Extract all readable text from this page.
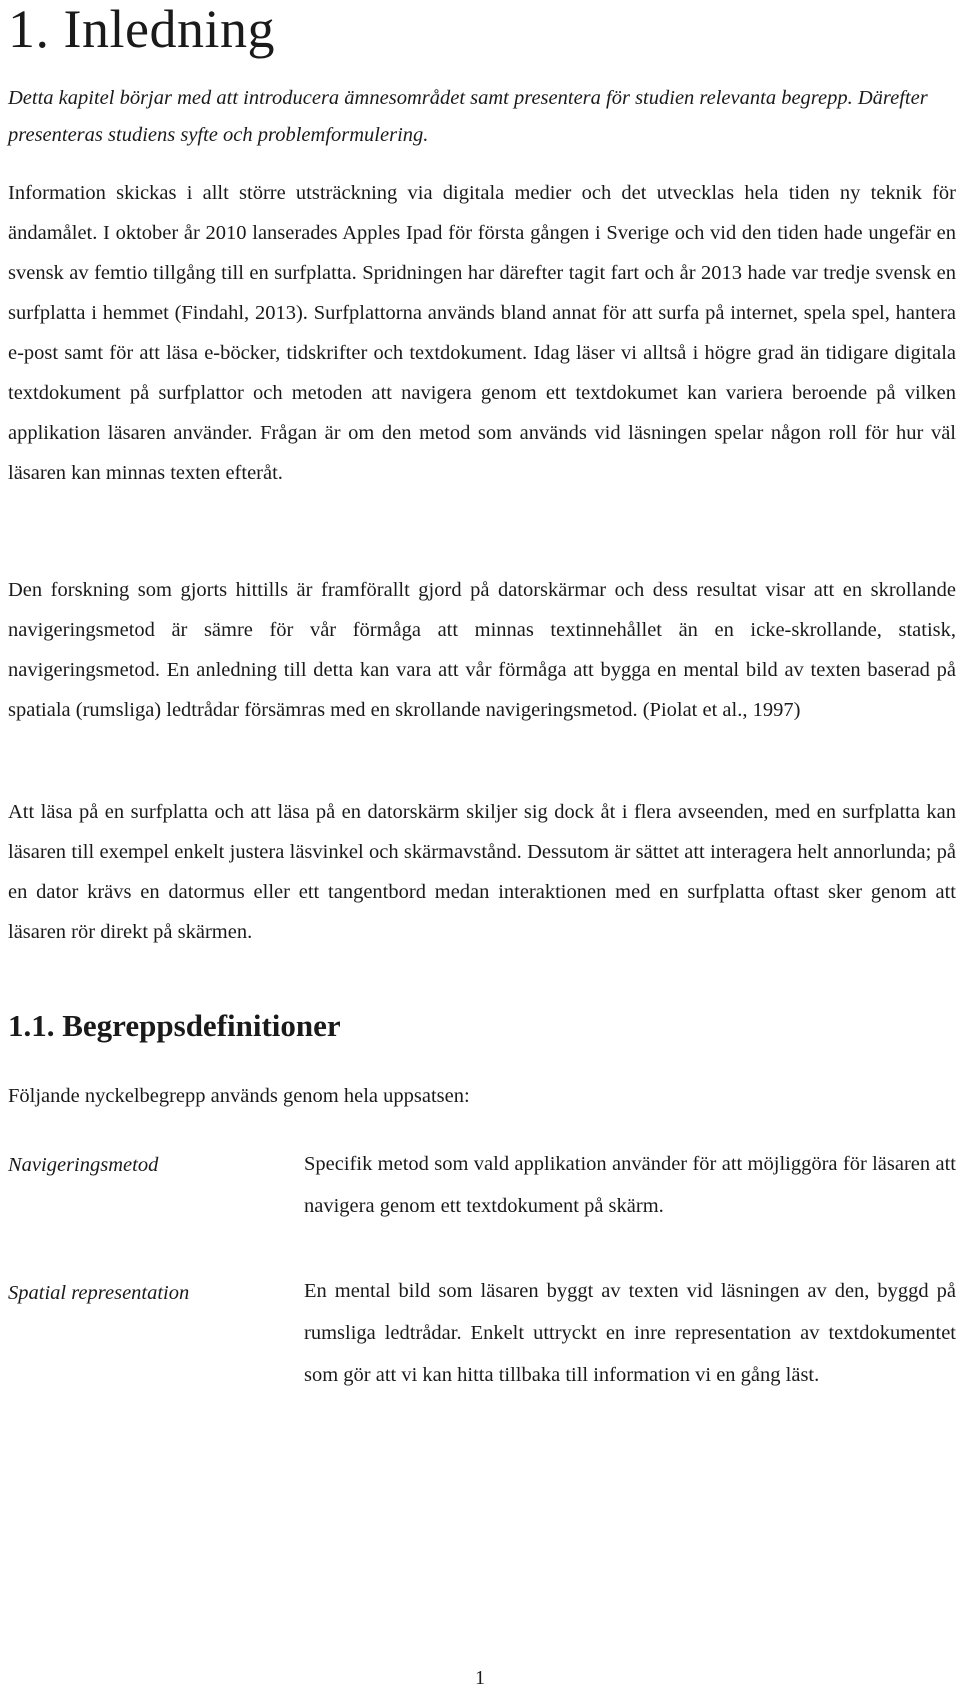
1. Inledning

Detta kapitel börjar med att introducera ämnesområdet samt presentera för studien relevanta begrepp. Därefter presenteras studiens syfte och problemformulering.

Information skickas i allt större utsträckning via digitala medier och det utvecklas hela tiden ny teknik för ändamålet. I oktober år 2010 lanserades Apples Ipad för första gången i Sverige och vid den tiden hade ungefär en svensk av femtio tillgång till en surfplatta. Spridningen har därefter tagit fart och år 2013 hade var tredje svensk en surfplatta i hemmet (Findahl, 2013). Surfplattorna används bland annat för att surfa på internet, spela spel, hantera e-post samt för att läsa e-böcker, tidskrifter och textdokument. Idag läser vi alltså i högre grad än tidigare digitala textdokument på surfplattor och metoden att navigera genom ett textdokumet kan variera beroende på vilken applikation läsaren använder. Frågan är om den metod som används vid läsningen spelar någon roll för hur väl läsaren kan minnas texten efteråt.

Den forskning som gjorts hittills är framförallt gjord på datorskärmar och dess resultat visar att en skrollande navigeringsmetod är sämre för vår förmåga att minnas textinnehållet än en icke-skrollande, statisk, navigeringsmetod. En anledning till detta kan vara att vår förmåga att bygga en mental bild av texten baserad på spatiala (rumsliga) ledtrådar försämras med en skrollande navigeringsmetod. (Piolat et al., 1997)

Att läsa på en surfplatta och att läsa på en datorskärm skiljer sig dock åt i flera avseenden, med en surfplatta kan läsaren till exempel enkelt justera läsvinkel och skärmavstånd. Dessutom är sättet att interagera helt annorlunda; på en dator krävs en datormus eller ett tangentbord medan interaktionen med en surfplatta oftast sker genom att läsaren rör direkt på skärmen.

1.1. Begreppsdefinitioner

Följande nyckelbegrepp används genom hela uppsatsen:

Navigeringsmetod	Specifik metod som vald applikation använder för att möjliggöra för läsaren att navigera genom ett textdokument på skärm.

Spatial representation	En mental bild som läsaren byggt av texten vid läsningen av den, byggd på rumsliga ledtrådar. Enkelt uttryckt en inre representation av textdokumentet som gör att vi kan hitta tillbaka till information vi en gång läst.

1
